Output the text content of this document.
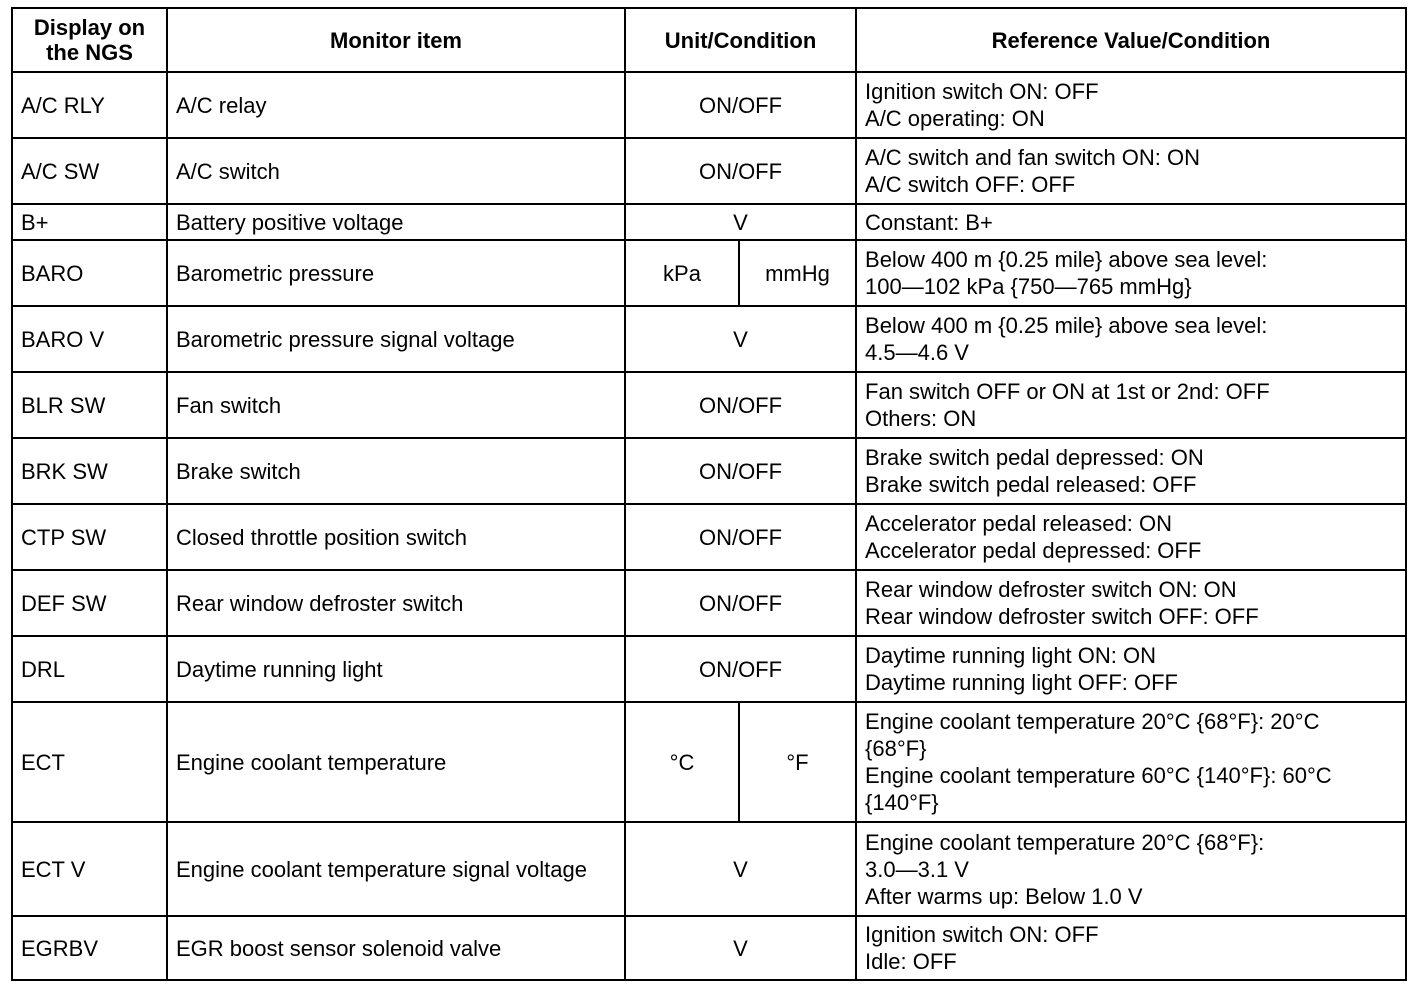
Display on the NGS	Monitor item	Unit/Condition		Reference Value/Condition
A/C RLY	A/C relay	ON/OFF		Ignition switch ON: OFF
A/C operating: ON

A/C SW	A/C switch	ON/OFF		A/C switch and fan switch ON: ON
A/C switch OFF: OFF

B+	Battery positive voltage	V		Constant: B+

BARO	Barometric pressure	kPa	mmHg	Below 400 m {0.25 mile} above sea level:
100—102 kPa {750—765 mmHg}

BARO V	Barometric pressure signal voltage	V		Below 400 m {0.25 mile} above sea level:
4.5—4.6 V

BLR SW	Fan switch	ON/OFF		Fan switch OFF or ON at 1st or 2nd: OFF
Others: ON

BRK SW	Brake switch	ON/OFF		Brake switch pedal depressed: ON
Brake switch pedal released: OFF

CTP SW	Closed throttle position switch	ON/OFF		Accelerator pedal released: ON
Accelerator pedal depressed: OFF

DEF SW	Rear window defroster switch	ON/OFF		Rear window defroster switch ON: ON
Rear window defroster switch OFF: OFF

DRL	Daytime running light	ON/OFF		Daytime running light ON: ON
Daytime running light OFF: OFF

ECT	Engine coolant temperature	°C	°F	Engine coolant temperature 20°C {68°F}: 20°C
{68°F}
Engine coolant temperature 60°C {140°F}: 60°C
{140°F}

ECT V	Engine coolant temperature signal voltage	V		Engine coolant temperature 20°C {68°F}:
3.0—3.1 V
After warms up: Below 1.0 V

EGRBV	EGR boost sensor solenoid valve	V		Ignition switch ON: OFF
Idle: OFF
